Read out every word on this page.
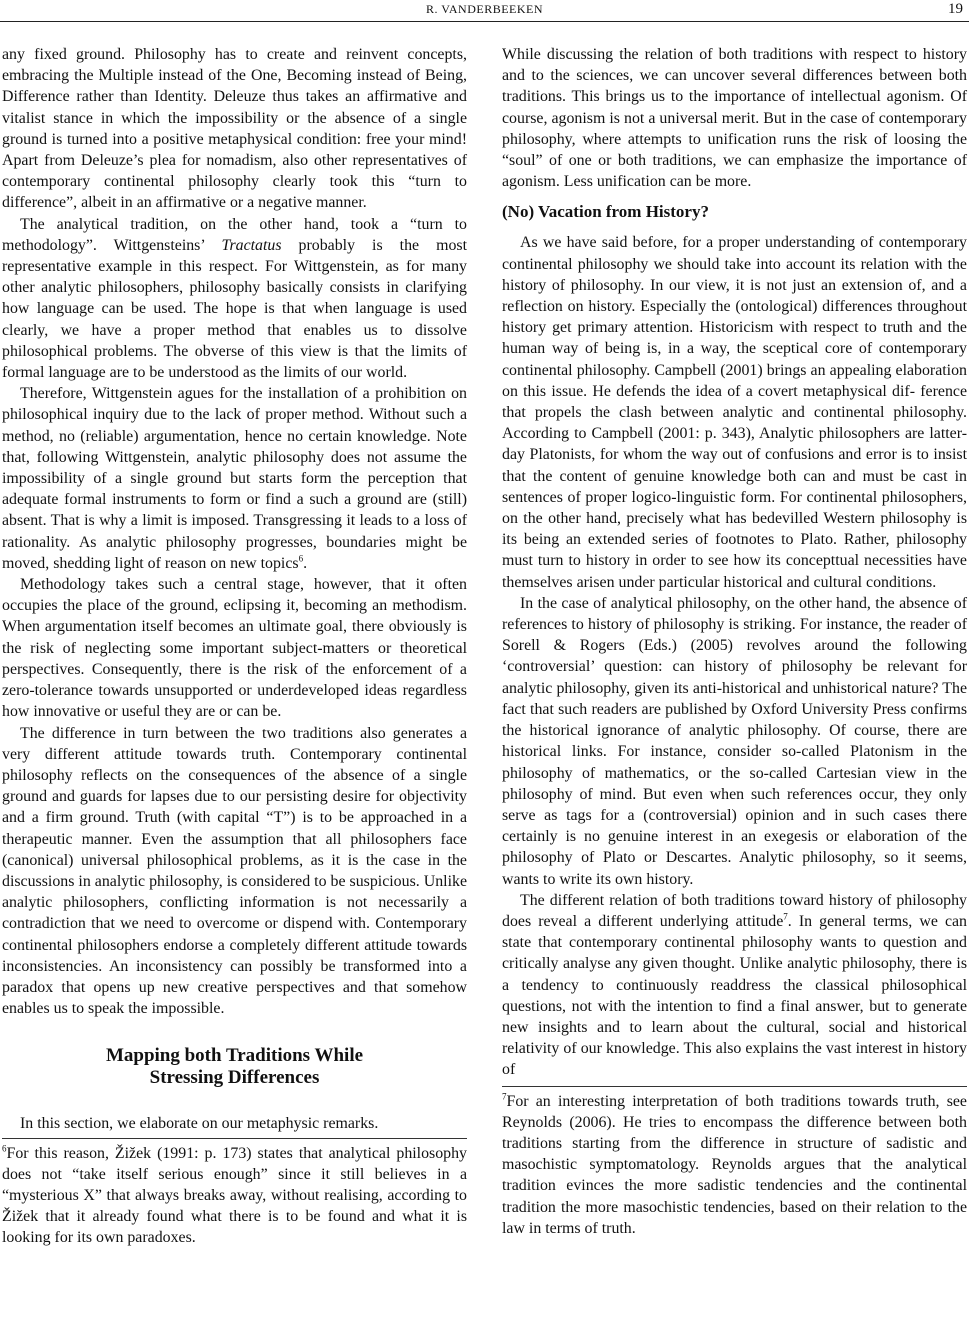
R. VANDERBEEKEN	19

any fixed ground. Philosophy has to create and reinvent concepts, embracing the Multiple instead of the One, Becoming instead of Being, Difference rather than Identity. Deleuze thus takes an affirmative and vitalist stance in which the impossibility or the absence of a single ground is turned into a positive metaphysical condition: free your mind! Apart from Deleuze’s plea for nomadism, also other representatives of contemporary continental philosophy clearly took this “turn to difference”, albeit in an affirmative or a negative manner.

The analytical tradition, on the other hand, took a “turn to methodology”. Wittgensteins’ Tractatus probably is the most representative example in this respect. For Wittgenstein, as for many other analytic philosophers, philosophy basically consists in clarifying how language can be used. The hope is that when language is used clearly, we have a proper method that enables us to dissolve philosophical problems. The obverse of this view is that the limits of formal language are to be understood as the limits of our world.

Therefore, Wittgenstein agues for the installation of a prohibition on philosophical inquiry due to the lack of proper method. Without such a method, no (reliable) argumentation, hence no certain knowledge. Note that, following Wittgenstein, analytic philosophy does not assume the impossibility of a single ground but starts form the perception that adequate formal instruments to form or find a such a ground are (still) absent. That is why a limit is imposed. Transgressing it leads to a loss of rationality. As analytic philosophy progresses, boundaries might be moved, shedding light of reason on new topics$^6$.

Methodology takes such a central stage, however, that it often occupies the place of the ground, eclipsing it, becoming an methodism. When argumentation itself becomes an ultimate goal, there obviously is the risk of neglecting some important subject-matters or theoretical perspectives. Consequently, there is the risk of the enforcement of a zero-tolerance towards unsupported or underdeveloped ideas regardless how innovative or useful they are or can be.

The difference in turn between the two traditions also generates a very different attitude towards truth. Contemporary continental philosophy reflects on the consequences of the absence of a single ground and guards for lapses due to our persisting desire for objectivity and a firm ground. Truth (with capital “T”) is to be approached in a therapeutic manner. Even the assumption that all philosophers face (canonical) universal philosophical problems, as it is the case in the discussions in analytic philosophy, is considered to be suspicious. Unlike analytic philosophers, conflicting information is not necessarily a contradiction that we need to overcome or dispend with. Contemporary continental philosophers endorse a completely different attitude towards inconsistencies. An inconsistency can possibly be transformed into a paradox that opens up new creative perspectives and that somehow enables us to speak the impossible.

Mapping both Traditions While
Stressing Differences

In this section, we elaborate on our metaphysic remarks.

$^6$For this reason, Žižek (1991: p. 173) states that analytical philosophy does not “take itself serious enough” since it still believes in a “mysterious X” that always breaks away, without realising, according to Žižek that it already found what there is to be found and what it is looking for its own paradoxes.

While discussing the relation of both traditions with respect to history and to the sciences, we can uncover several differences between both traditions. This brings us to the importance of intellectual agonism. Of course, agonism is not a universal merit. But in the case of contemporary philosophy, where attempts to unification runs the risk of loosing the “soul” of one or both traditions, we can emphasize the importance of agonism. Less unification can be more.

(No) Vacation from History?

As we have said before, for a proper understanding of contemporary continental philosophy we should take into account its relation with the history of philosophy. In our view, it is not just an extension of, and a reflection on history. Especially the (ontological) differences throughout history get primary attention. Historicism with respect to truth and the human way of being is, in a way, the sceptical core of contemporary continental philosophy. Campbell (2001) brings an appealing elaboration on this issue. He defends the idea of a covert metaphysical dif- ference that propels the clash between analytic and continental philosophy. According to Campbell (2001: p. 343), Analytic philosophers are latter-day Platonists, for whom the way out of confusions and error is to insist that the content of genuine knowledge both can and must be cast in sentences of proper logico-linguistic form. For continental philosophers, on the other hand, precisely what has bedevilled Western philosophy is its being an extended series of footnotes to Plato. Rather, philosophy must turn to history in order to see how its concepttual necessities have themselves arisen under particular historical and cultural conditions.

In the case of analytical philosophy, on the other hand, the absence of references to history of philosophy is striking. For instance, the reader of Sorell & Rogers (Eds.) (2005) revolves around the following ‘controversial’ question: can history of philosophy be relevant for analytic philosophy, given its anti-historical and unhistorical nature? The fact that such readers are published by Oxford University Press confirms the historical ignorance of analytic philosophy. Of course, there are historical links. For instance, consider so-called Platonism in the philosophy of mathematics, or the so-called Cartesian view in the philosophy of mind. But even when such references occur, they only serve as tags for a (controversial) opinion and in such cases there certainly is no genuine interest in an exegesis or elaboration of the philosophy of Plato or Descartes. Analytic philosophy, so it seems, wants to write its own history.

The different relation of both traditions toward history of philosophy does reveal a different underlying attitude$^7$. In general terms, we can state that contemporary continental philosophy wants to question and critically analyse any given thought. Unlike analytic philosophy, there is a tendency to continuously readdress the classical philosophical questions, not with the intention to find a final answer, but to generate new insights and to learn about the cultural, social and historical relativity of our knowledge. This also explains the vast interest in history of

$^7$For an interesting interpretation of both traditions towards truth, see Reynolds (2006). He tries to encompass the difference between both traditions starting from the difference in structure of sadistic and masochistic symptomatology. Reynolds argues that the analytical tradition evinces the more sadistic tendencies and the continental tradition the more masochistic tendencies, based on their relation to the law in terms of truth.
